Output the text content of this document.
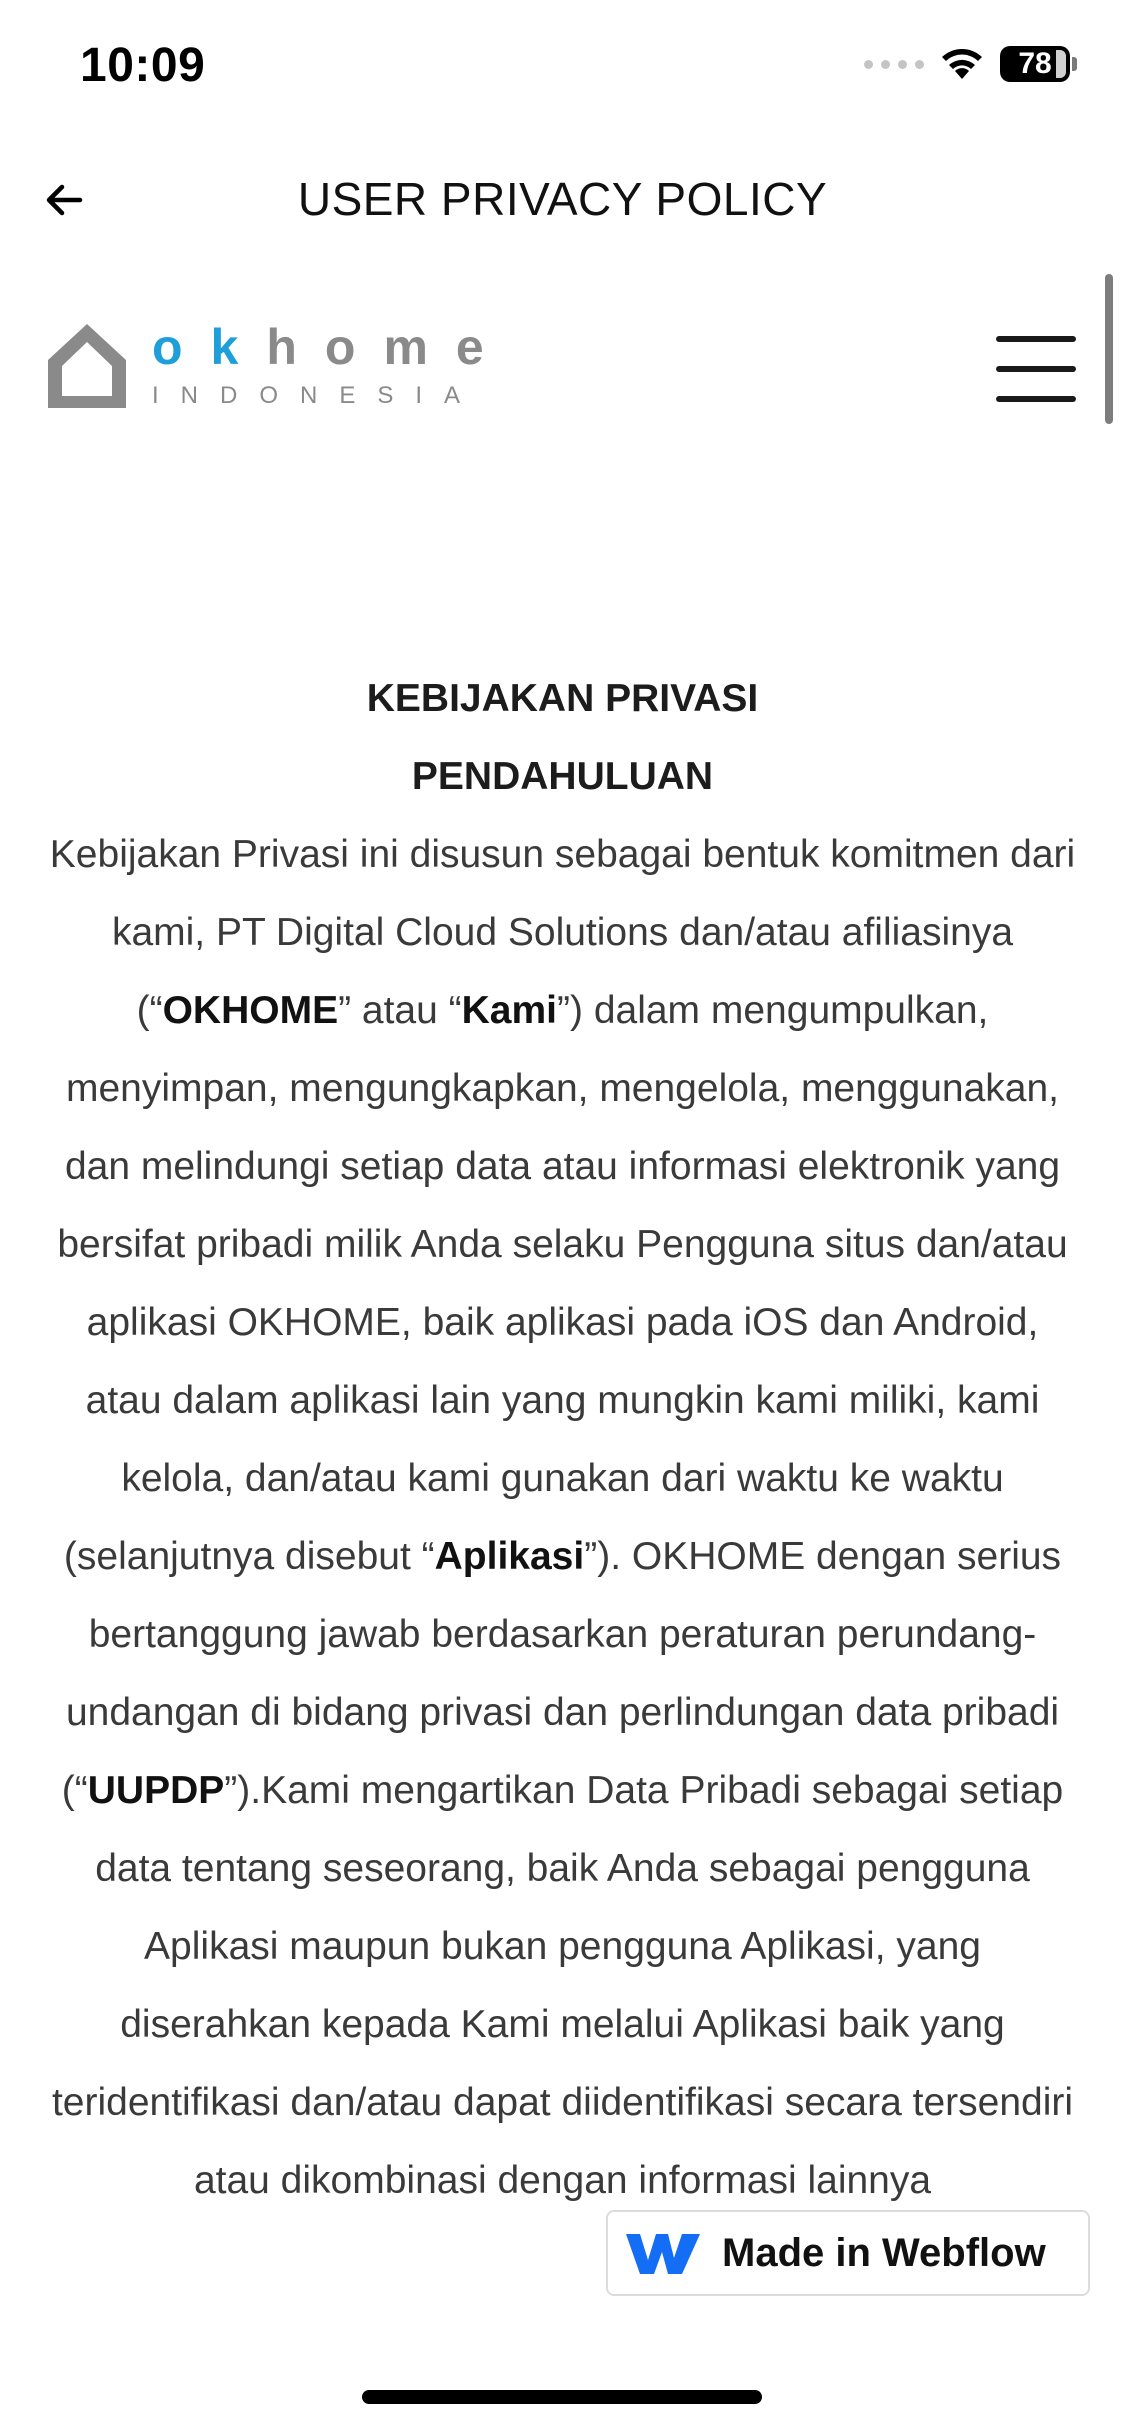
10:09	78
USER PRIVACY POLICY
okhome
INDONESIA
KEBIJAKAN PRIVASI
PENDAHULUAN

Kebijakan Privasi ini disusun sebagai bentuk komitmen dari kami, PT Digital Cloud Solutions dan/atau afiliasinya (“OKHOME” atau “Kami”) dalam mengumpulkan, menyimpan, mengungkapkan, mengelola, menggunakan, dan melindungi setiap data atau informasi elektronik yang bersifat pribadi milik Anda selaku Pengguna situs dan/atau aplikasi OKHOME, baik aplikasi pada iOS dan Android, atau dalam aplikasi lain yang mungkin kami miliki, kami kelola, dan/atau kami gunakan dari waktu ke waktu (selanjutnya disebut “Aplikasi”). OKHOME dengan serius bertanggung jawab berdasarkan peraturan perundang-undangan di bidang privasi dan perlindungan data pribadi (“UUPDP”).Kami mengartikan Data Pribadi sebagai setiap data tentang seseorang, baik Anda sebagai pengguna Aplikasi maupun bukan pengguna Aplikasi, yang diserahkan kepada Kami melalui Aplikasi baik yang teridentifikasi dan/atau dapat diidentifikasi secara tersendiri atau dikombinasi dengan informasi lainnya

Made in Webflow
